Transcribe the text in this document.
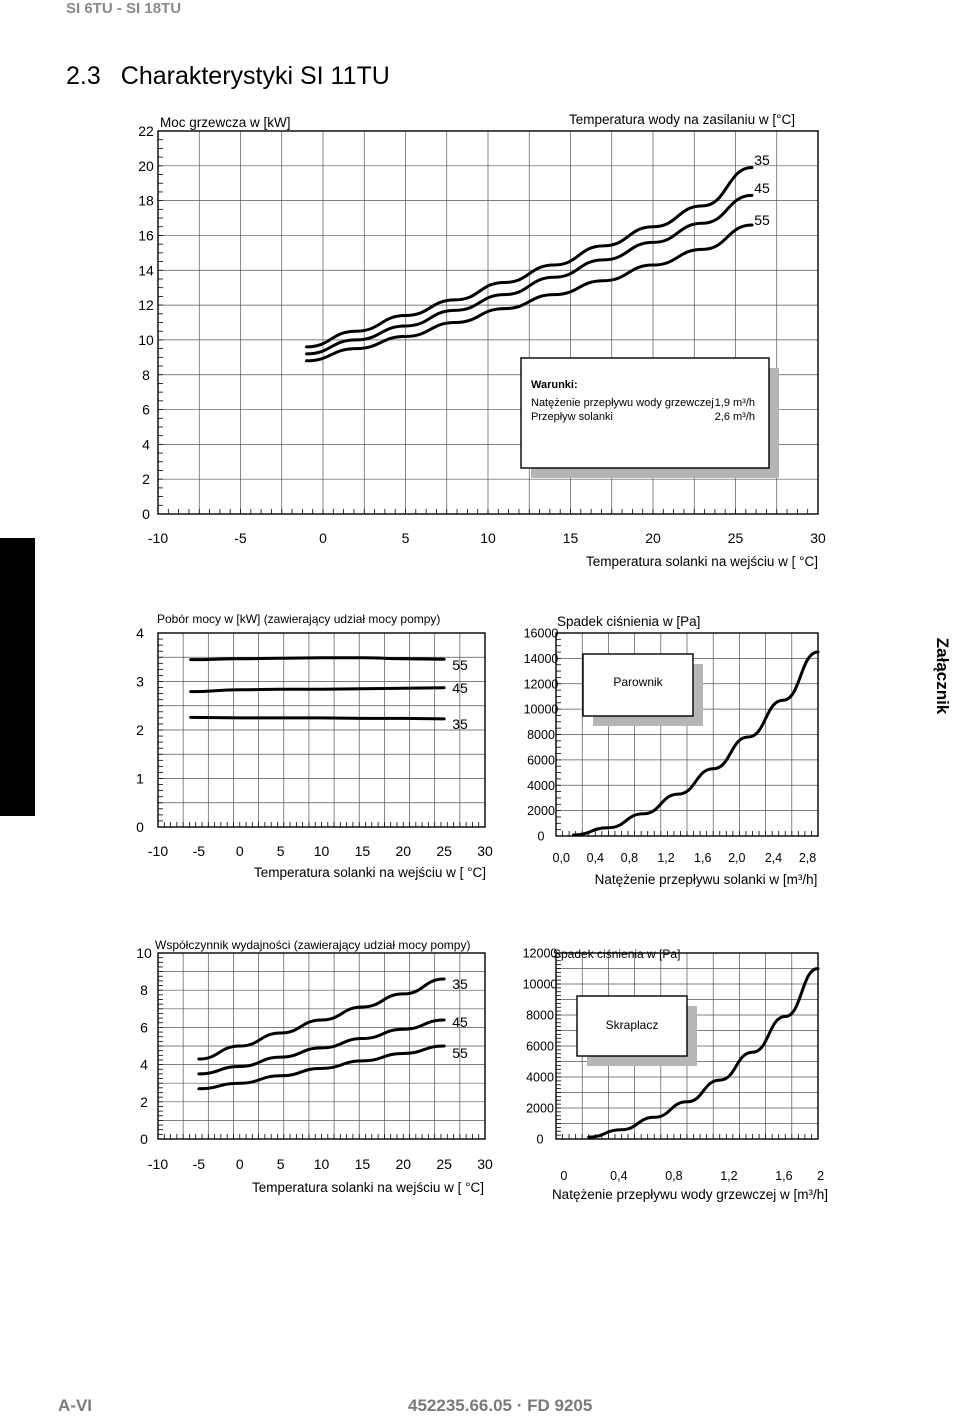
SI 6TU - SI 18TU
2.3 Charakterystyki SI 11TU
Załącznik
A-VI	452235.66.05 · FD 9205
0
2
4
6
8
10
12
14
16
18
20
22
-10	-5	0	5	10	15	20	25	30
Moc grzewcza w [kW]
Temperatura solanki na wejściu w [ °C]
Temperatura wody na zasilaniu w [°C]
Warunki:
Natężenie przepływu wody grzewczej 1,9 m³/h
Przepływ solanki	2,6 m³/h
35
45
55
0
1
2
3
4
-10 -5 0 5 10 15 20 25 30
Pobór mocy w [kW] (zawierający udział mocy pompy)
Temperatura solanki na wejściu w [ °C]
55
45
35
0
2000
4000
6000
8000
10000
12000
14000
16000
0,0 0,4 0,8 1,2 1,6 2,0 2,4 2,8
Spadek ciśnienia w [Pa]
Natężenie przepływu solanki w [m³/h]
Parownik
0
2
4
6
8
10
-10 -5 0 5 10 15 20 25 30
Współczynnik wydajności (zawierający udział mocy pompy)
Temperatura solanki na wejściu w [ °C]
35
45
55
0
2000
4000
6000
8000
10000
12000
0	0,4	0,8	1,2	1,6 2
Spadek ciśnienia w [Pa]
Natężenie przepływu wody grzewczej w [m³/h]
Skraplacz
